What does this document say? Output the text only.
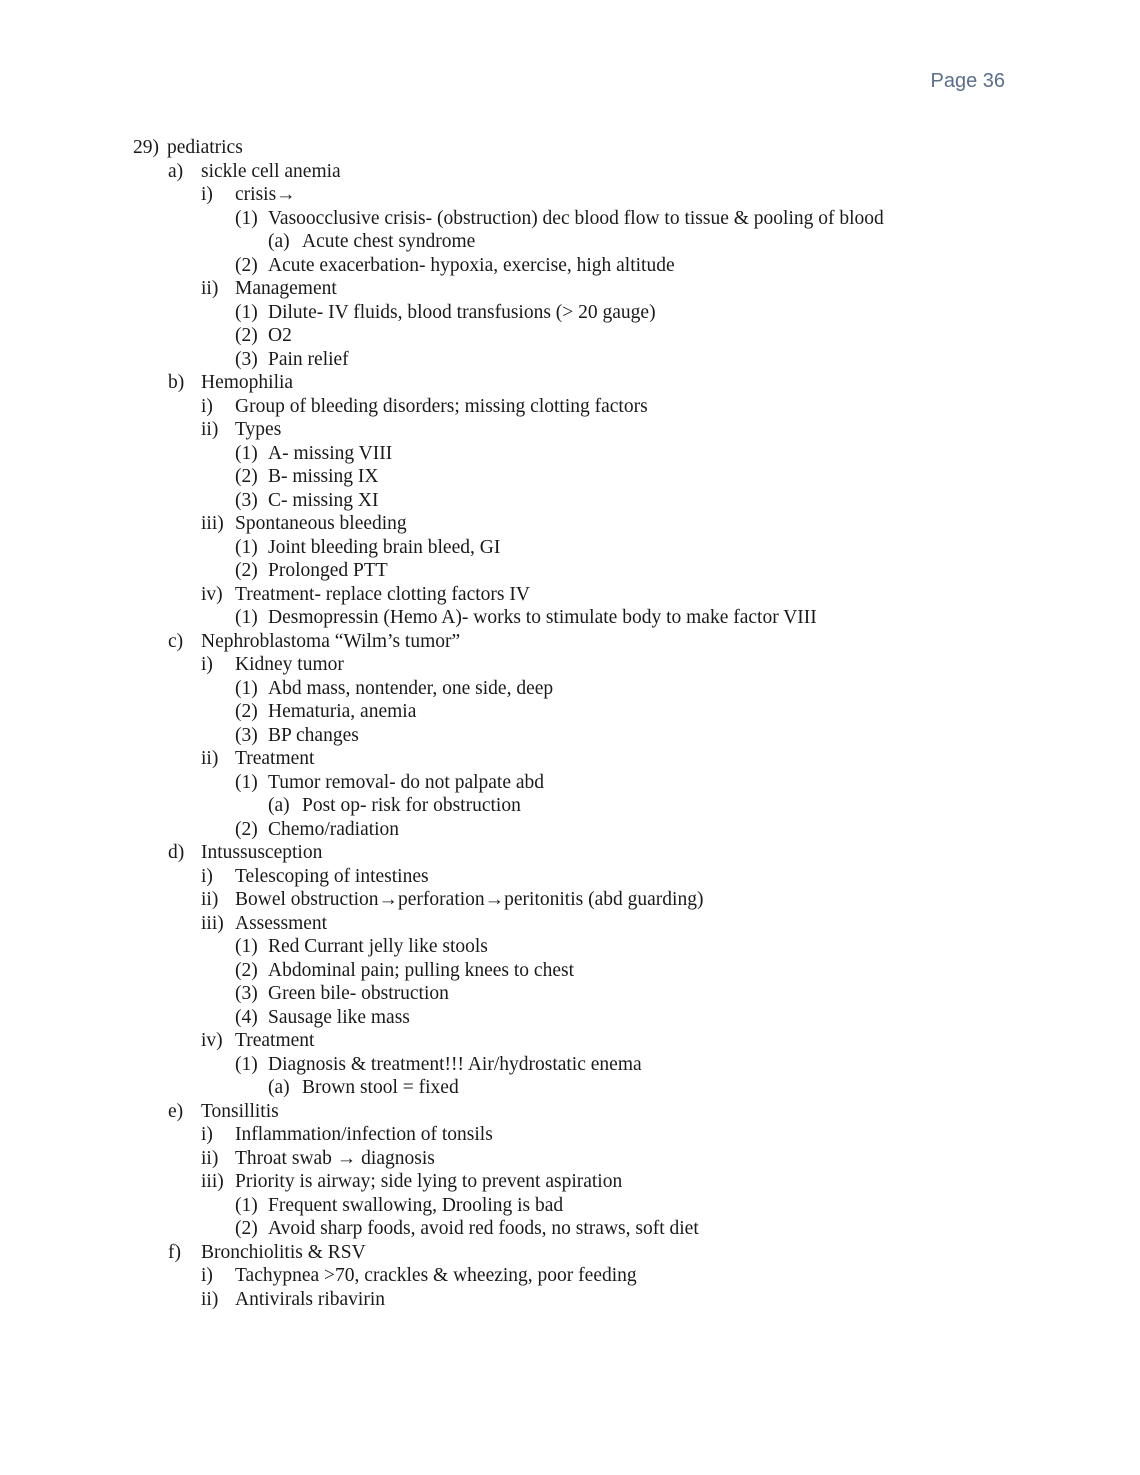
Page 36
29) pediatrics
a) sickle cell anemia
i) crisis→
(1) Vasoocclusive crisis- (obstruction) dec blood flow to tissue & pooling of blood
(a) Acute chest syndrome
(2) Acute exacerbation- hypoxia, exercise, high altitude
ii) Management
(1) Dilute- IV fluids, blood transfusions (> 20 gauge)
(2) O2
(3) Pain relief
b) Hemophilia
i) Group of bleeding disorders; missing clotting factors
ii) Types
(1) A- missing VIII
(2) B- missing IX
(3) C- missing XI
iii) Spontaneous bleeding
(1) Joint bleeding brain bleed, GI
(2) Prolonged PTT
iv) Treatment- replace clotting factors IV
(1) Desmopressin (Hemo A)- works to stimulate body to make factor VIII
c) Nephroblastoma “Wilm’s tumor”
i) Kidney tumor
(1) Abd mass, nontender, one side, deep
(2) Hematuria, anemia
(3) BP changes
ii) Treatment
(1) Tumor removal- do not palpate abd
(a) Post op- risk for obstruction
(2) Chemo/radiation
d) Intussusception
i) Telescoping of intestines
ii) Bowel obstruction→perforation→peritonitis (abd guarding)
iii) Assessment
(1) Red Currant jelly like stools
(2) Abdominal pain; pulling knees to chest
(3) Green bile- obstruction
(4) Sausage like mass
iv) Treatment
(1) Diagnosis & treatment!!! Air/hydrostatic enema
(a) Brown stool = fixed
e) Tonsillitis
i) Inflammation/infection of tonsils
ii) Throat swab → diagnosis
iii) Priority is airway; side lying to prevent aspiration
(1) Frequent swallowing, Drooling is bad
(2) Avoid sharp foods, avoid red foods, no straws, soft diet
f) Bronchiolitis & RSV
i) Tachypnea >70, crackles & wheezing, poor feeding
ii) Antivirals ribavirin
